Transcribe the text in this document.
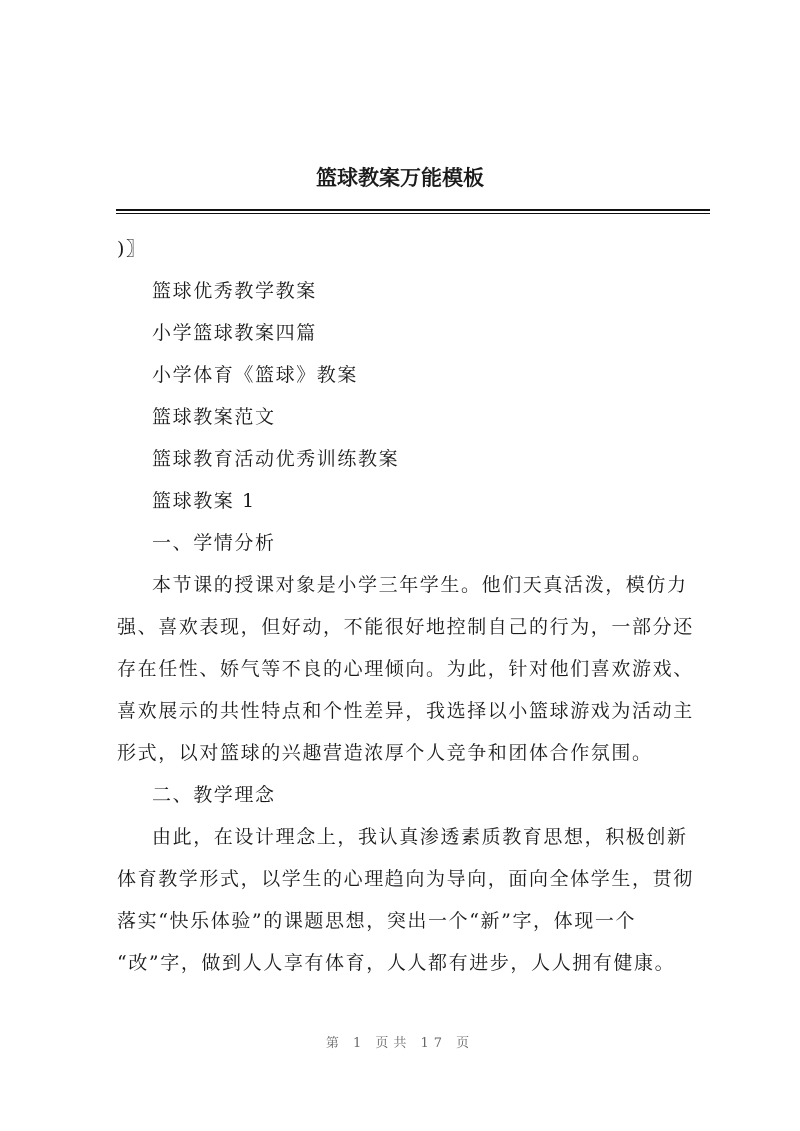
篮球教案万能模板
)〗
篮球优秀教学教案
小学篮球教案四篇
小学体育《篮球》教案
篮球教案范文
篮球教育活动优秀训练教案
篮球教案 1
一、学情分析
本节课的授课对象是小学三年学生。他们天真活泼，模仿力
强、喜欢表现，但好动，不能很好地控制自己的行为，一部分还
存在任性、娇气等不良的心理倾向。为此，针对他们喜欢游戏、
喜欢展示的共性特点和个性差异，我选择以小篮球游戏为活动主
形式，以对篮球的兴趣营造浓厚个人竞争和团体合作氛围。
二、教学理念
由此，在设计理念上，我认真渗透素质教育思想，积极创新
体育教学形式，以学生的心理趋向为导向，面向全体学生，贯彻
落实“快乐体验”的课题思想，突出一个“新”字，体现一个
“改”字，做到人人享有体育，人人都有进步，人人拥有健康。
第 1 页共 17 页
